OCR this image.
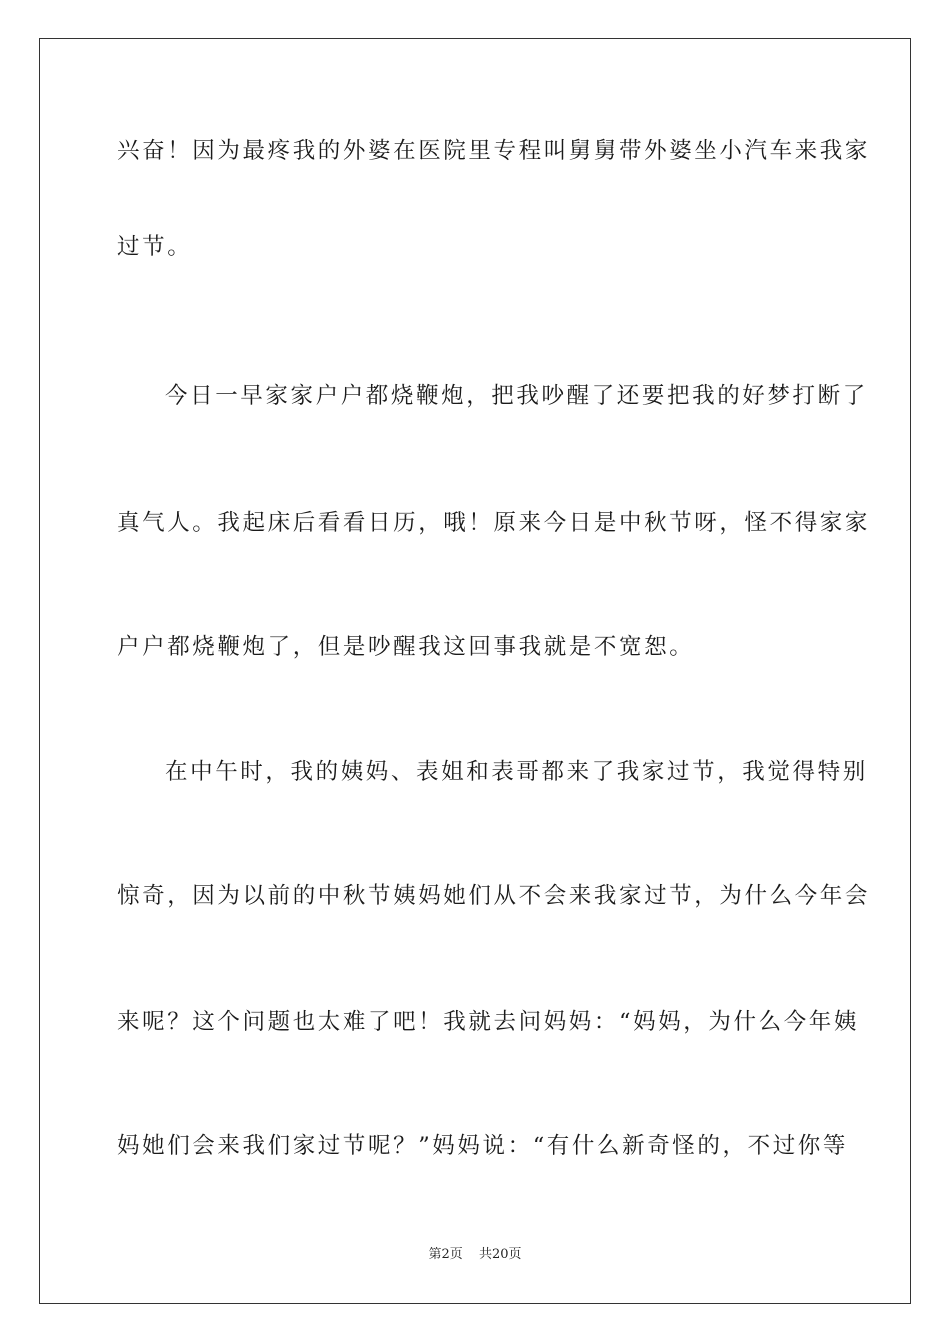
兴奋！因为最疼我的外婆在医院里专程叫舅舅带外婆坐小汽车来我家
过节。
今日一早家家户户都烧鞭炮，把我吵醒了还要把我的好梦打断了
真气人。我起床后看看日历，哦！原来今日是中秋节呀，怪不得家家
户户都烧鞭炮了，但是吵醒我这回事我就是不宽恕。
在中午时，我的姨妈、表姐和表哥都来了我家过节，我觉得特别
惊奇，因为以前的中秋节姨妈她们从不会来我家过节，为什么今年会
来呢？这个问题也太难了吧！我就去问妈妈：“妈妈，为什么今年姨
妈她们会来我们家过节呢？”妈妈说：“有什么新奇怪的，不过你等
第2页 共20页
